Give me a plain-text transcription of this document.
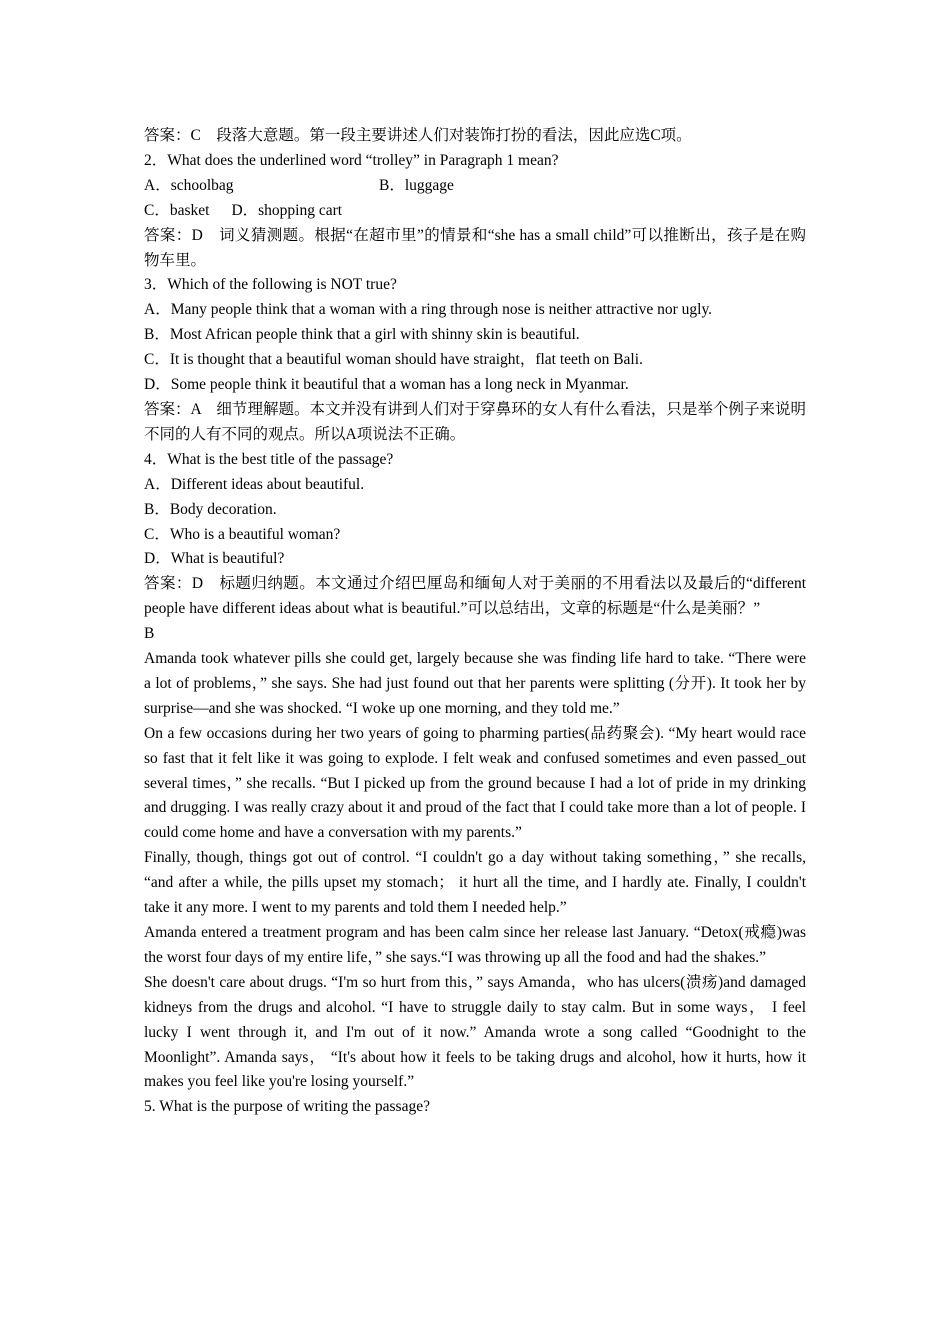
答案：C　段落大意题。第一段主要讲述人们对装饰打扮的看法，因此应选C项。

2．What does the underlined word “trolley” in Paragraph 1 mean?

A．schoolbag	B．luggage

C．basket D．shopping cart

答案：D　词义猜测题。根据“在超市里”的情景和“she has a small child”可以推断出，孩子是在购物车里。

3．Which of the following is NOT true?

A．Many people think that a woman with a ring through nose is neither attractive nor ugly.

B．Most African people think that a girl with shinny skin is beautiful.

C．It is thought that a beautiful woman should have straight，flat teeth on Bali.

D．Some people think it beautiful that a woman has a long neck in Myanmar.

答案：A　细节理解题。本文并没有讲到人们对于穿鼻环的女人有什么看法，只是举个例子来说明不同的人有不同的观点。所以A项说法不正确。

4．What is the best title of the passage?

A．Different ideas about beautiful.

B．Body decoration.

C．Who is a beautiful woman?

D．What is beautiful?

答案：D　标题归纳题。本文通过介绍巴厘岛和缅甸人对于美丽的不用看法以及最后的“different people have different ideas about what is beautiful.”可以总结出，文章的标题是“什么是美丽？”

B

Amanda took whatever pills she could get, largely because she was finding life hard to take. “There were a lot of problems，” she says. She had just found out that her parents were splitting (分开). It took her by surprise—and she was shocked. “I woke up one morning, and they told me.”

On a few occasions during her two years of going to pharming parties(品药聚会). “My heart would race so fast that it felt like it was going to explode. I felt weak and confused sometimes and even passed_out several times，” she recalls. “But I picked up from the ground because I had a lot of pride in my drinking and drugging. I was really crazy about it and proud of the fact that I could take more than a lot of people. I could come home and have a conversation with my parents.”

Finally, though, things got out of control. “I couldn't go a day without taking something，” she recalls, “and after a while, the pills upset my stomach； it hurt all the time, and I hardly ate. Finally, I couldn't take it any more. I went to my parents and told them I needed help.”

Amanda entered a treatment program and has been calm since her release last January. “Detox(戒瘾)was the worst four days of my entire life，” she says.“I was throwing up all the food and had the shakes.”

She doesn't care about drugs. “I'm so hurt from this，” says Amanda，who has ulcers(溃疡)and damaged kidneys from the drugs and alcohol. “I have to struggle daily to stay calm. But in some ways， I feel lucky I went through it, and I'm out of it now.” Amanda wrote a song called “Goodnight to the Moonlight”. Amanda says， “It's about how it feels to be taking drugs and alcohol, how it hurts, how it makes you feel like you're losing yourself.”

5. What is the purpose of writing the passage?
